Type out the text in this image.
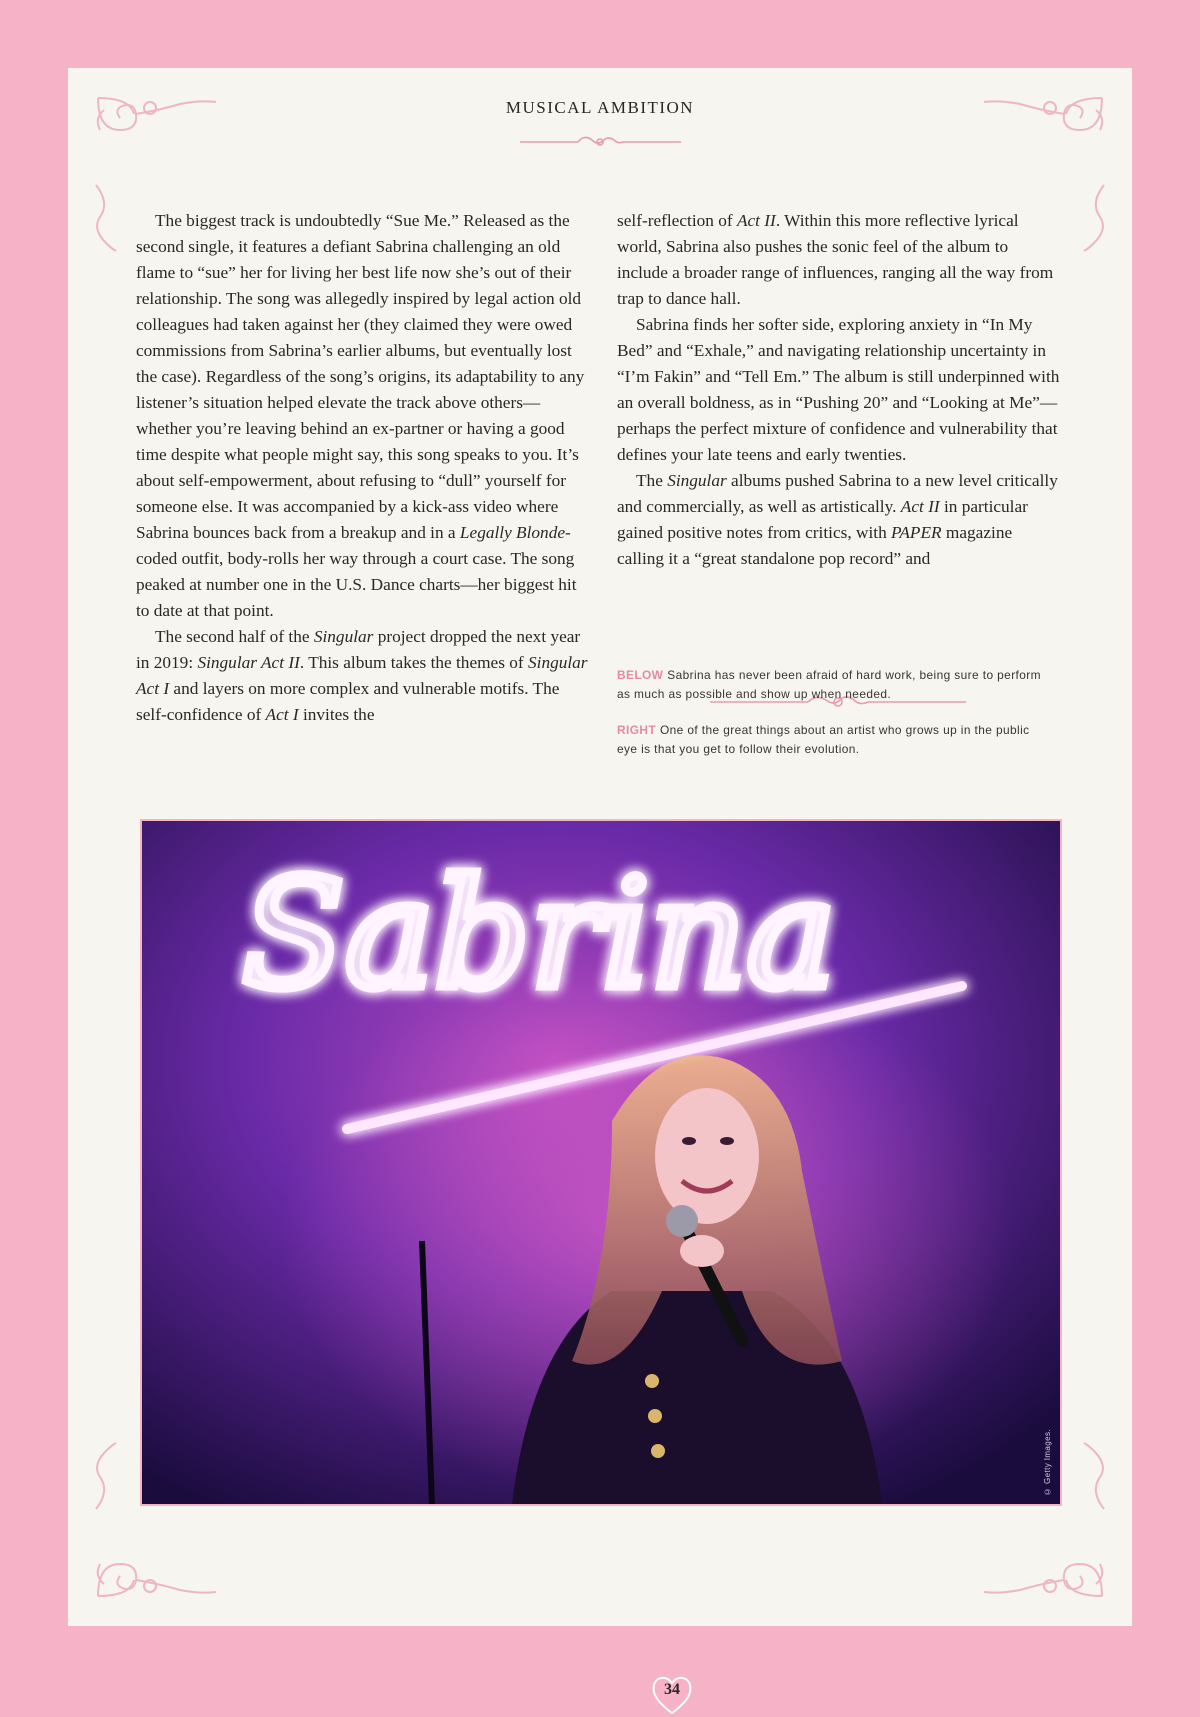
MUSICAL AMBITION

The biggest track is undoubtedly “Sue Me.” Released as the second single, it features a defiant Sabrina challenging an old flame to “sue” her for living her best life now she’s out of their relationship. The song was allegedly inspired by legal action old colleagues had taken against her (they claimed they were owed commissions from Sabrina’s earlier albums, but eventually lost the case). Regardless of the song’s origins, its adaptability to any listener’s situation helped elevate the track above others—whether you’re leaving behind an ex-partner or having a good time despite what people might say, this song speaks to you. It’s about self-empowerment, about refusing to “dull” yourself for someone else. It was accompanied by a kick-ass video where Sabrina bounces back from a breakup and in a Legally Blonde-coded outfit, body-rolls her way through a court case. The song peaked at number one in the U.S. Dance charts—her biggest hit to date at that point.

The second half of the Singular project dropped the next year in 2019: Singular Act II. This album takes the themes of Singular Act I and layers on more complex and vulnerable motifs. The self-confidence of Act I invites the

self-reflection of Act II. Within this more reflective lyrical world, Sabrina also pushes the sonic feel of the album to include a broader range of influences, ranging all the way from trap to dance hall.

Sabrina finds her softer side, exploring anxiety in “In My Bed” and “Exhale,” and navigating relationship uncertainty in “I’m Fakin” and “Tell Em.” The album is still underpinned with an overall boldness, as in “Pushing 20” and “Looking at Me”—perhaps the perfect mixture of confidence and vulnerability that defines your late teens and early twenties.

The Singular albums pushed Sabrina to a new level critically and commercially, as well as artistically. Act II in particular gained positive notes from critics, with PAPER magazine calling it a “great standalone pop record” and

BELOW Sabrina has never been afraid of hard work, being sure to perform as much as possible and show up when needed.
RIGHT One of the great things about an artist who grows up in the public eye is that you get to follow their evolution.
Sabrina
© Getty Images.
34
